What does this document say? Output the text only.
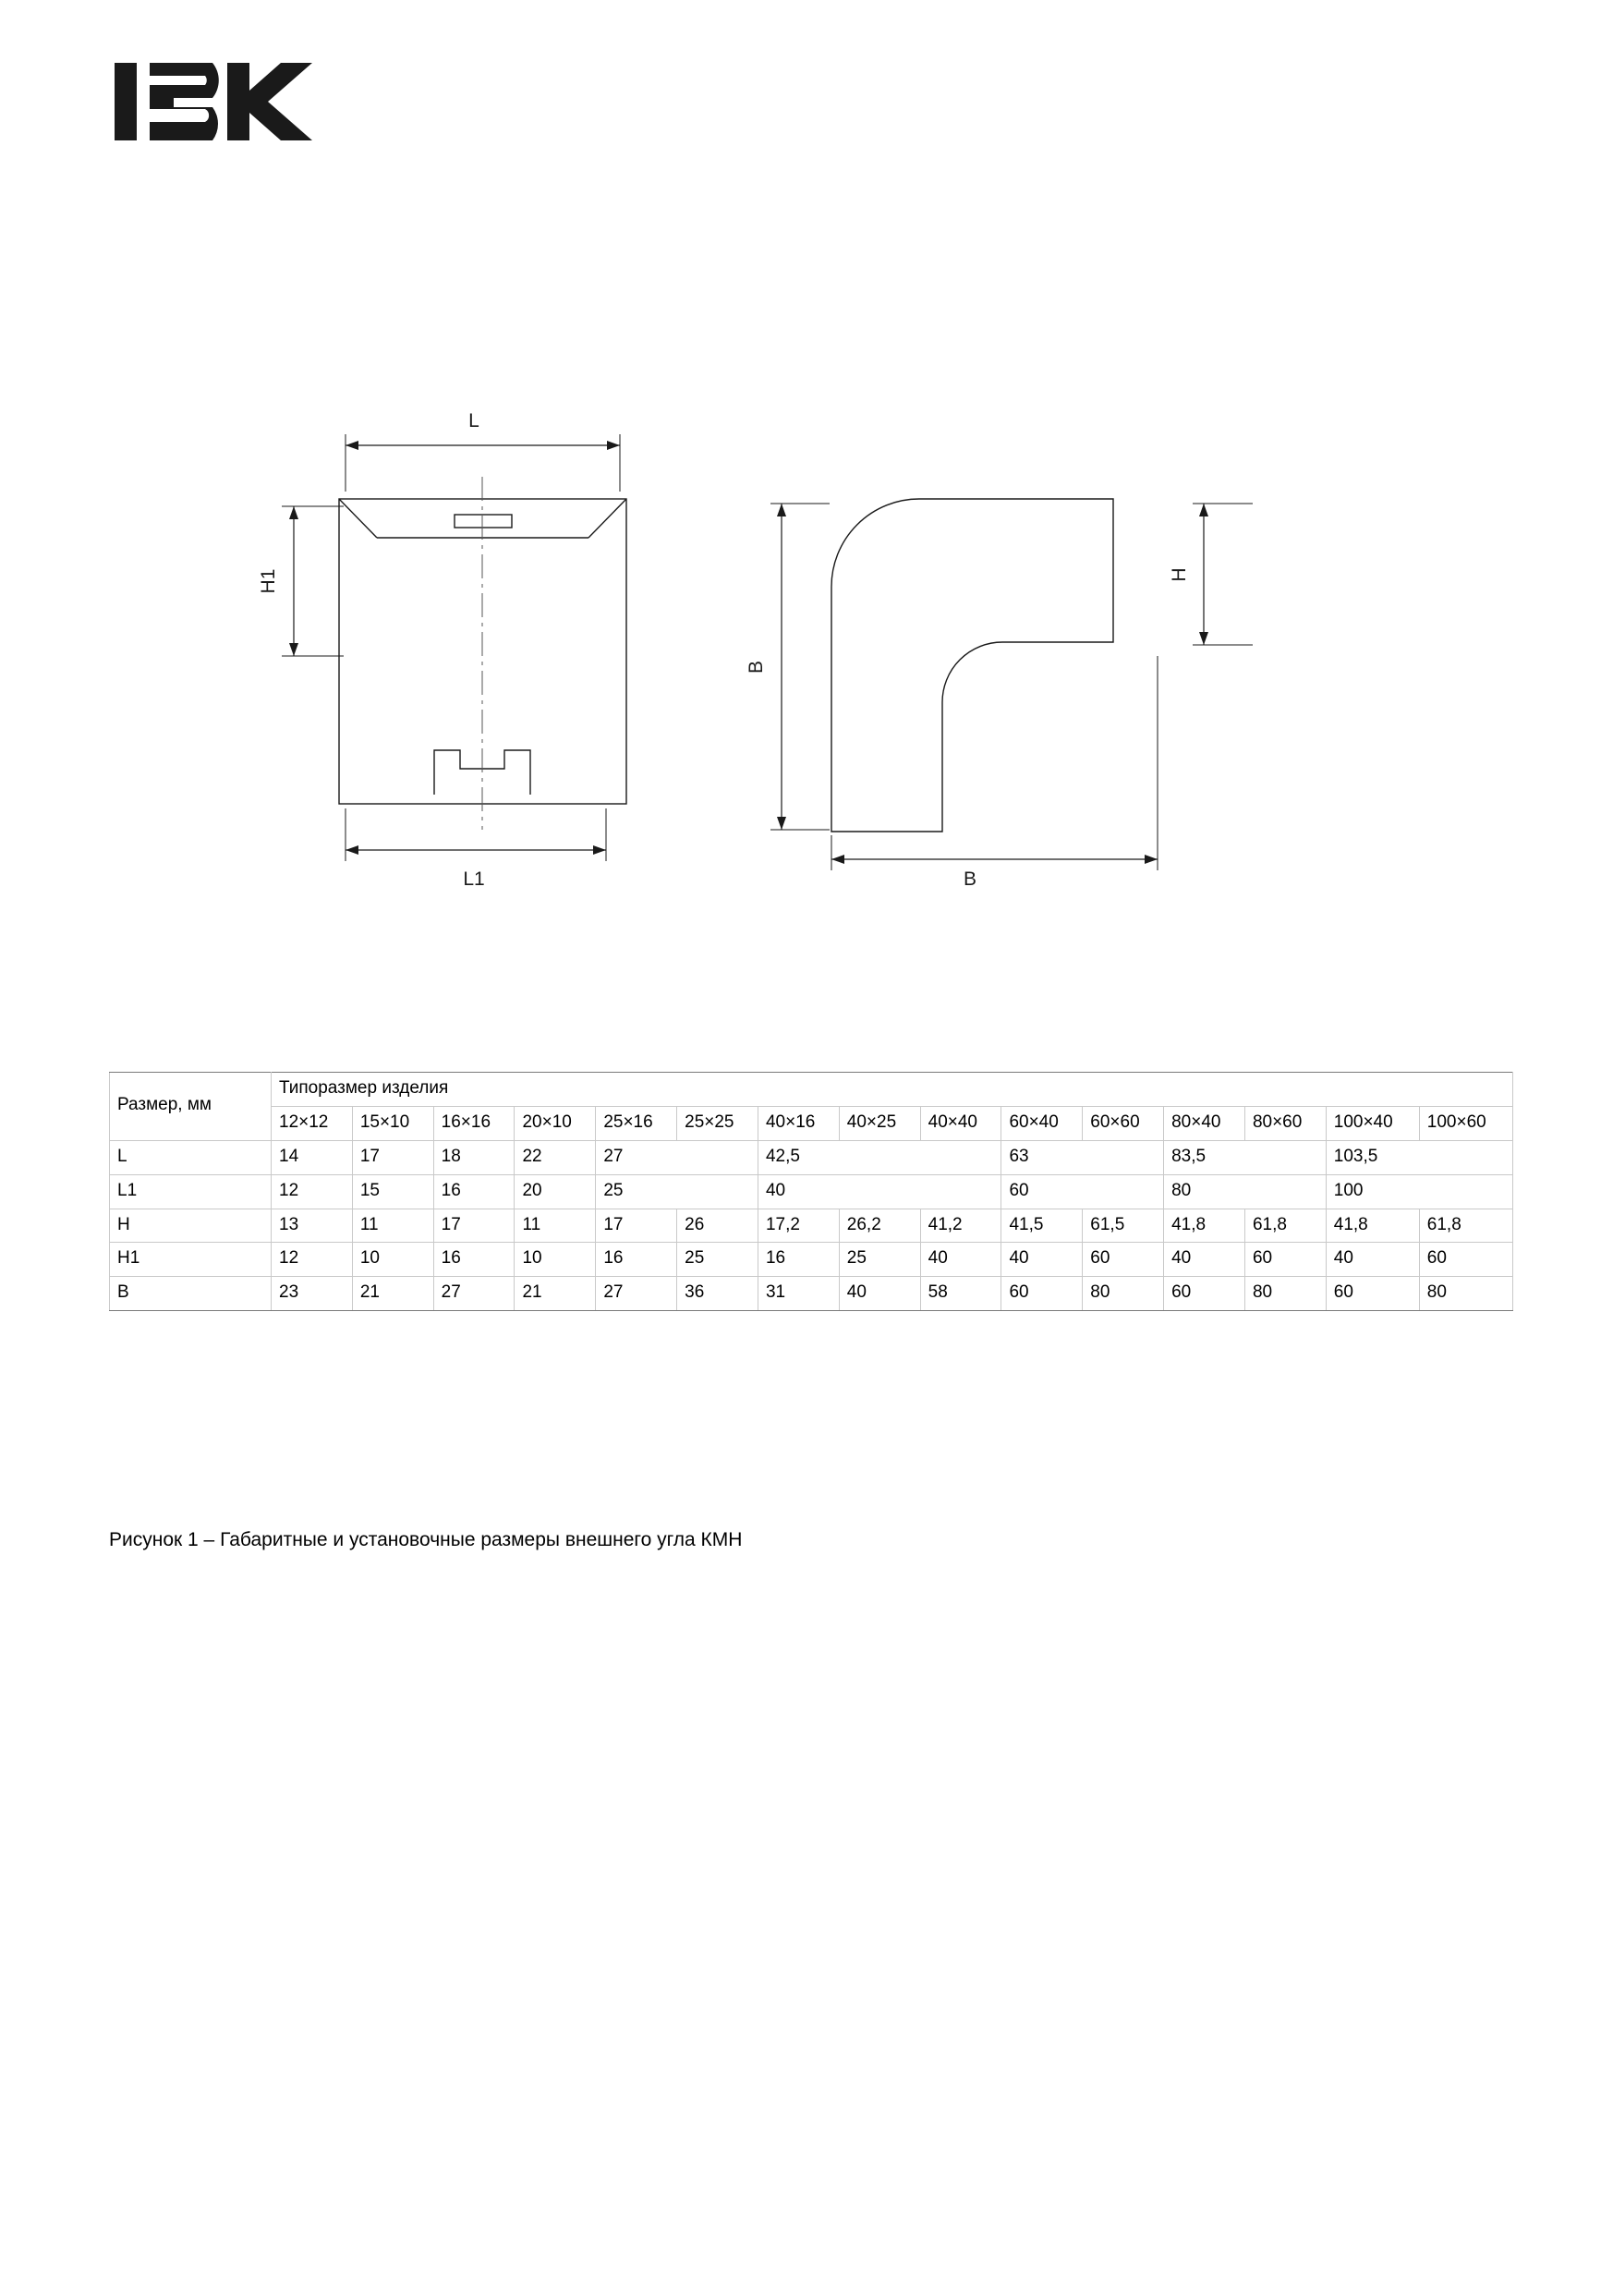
L
L1
H1
B
B
H
Размер, мм	Типоразмер изделия														
	12×12	15×10	16×16	20×10	25×16	25×25	40×16	40×25	40×40	60×40	60×60	80×40	80×60	100×40	100×60
L	14	17	18	22	27		42,5			63		83,5		103,5	
L1	12	15	16	20	25		40			60		80		100	
H	13	11	17	11	17	26	17,2	26,2	41,2	41,5	61,5	41,8	61,8	41,8	61,8
H1	12	10	16	10	16	25	16	25	40	40	60	40	60	40	60
B	23	21	27	21	27	36	31	40	58	60	80	60	80	60	80
Рисунок 1 – Габаритные и установочные размеры внешнего угла КМН
